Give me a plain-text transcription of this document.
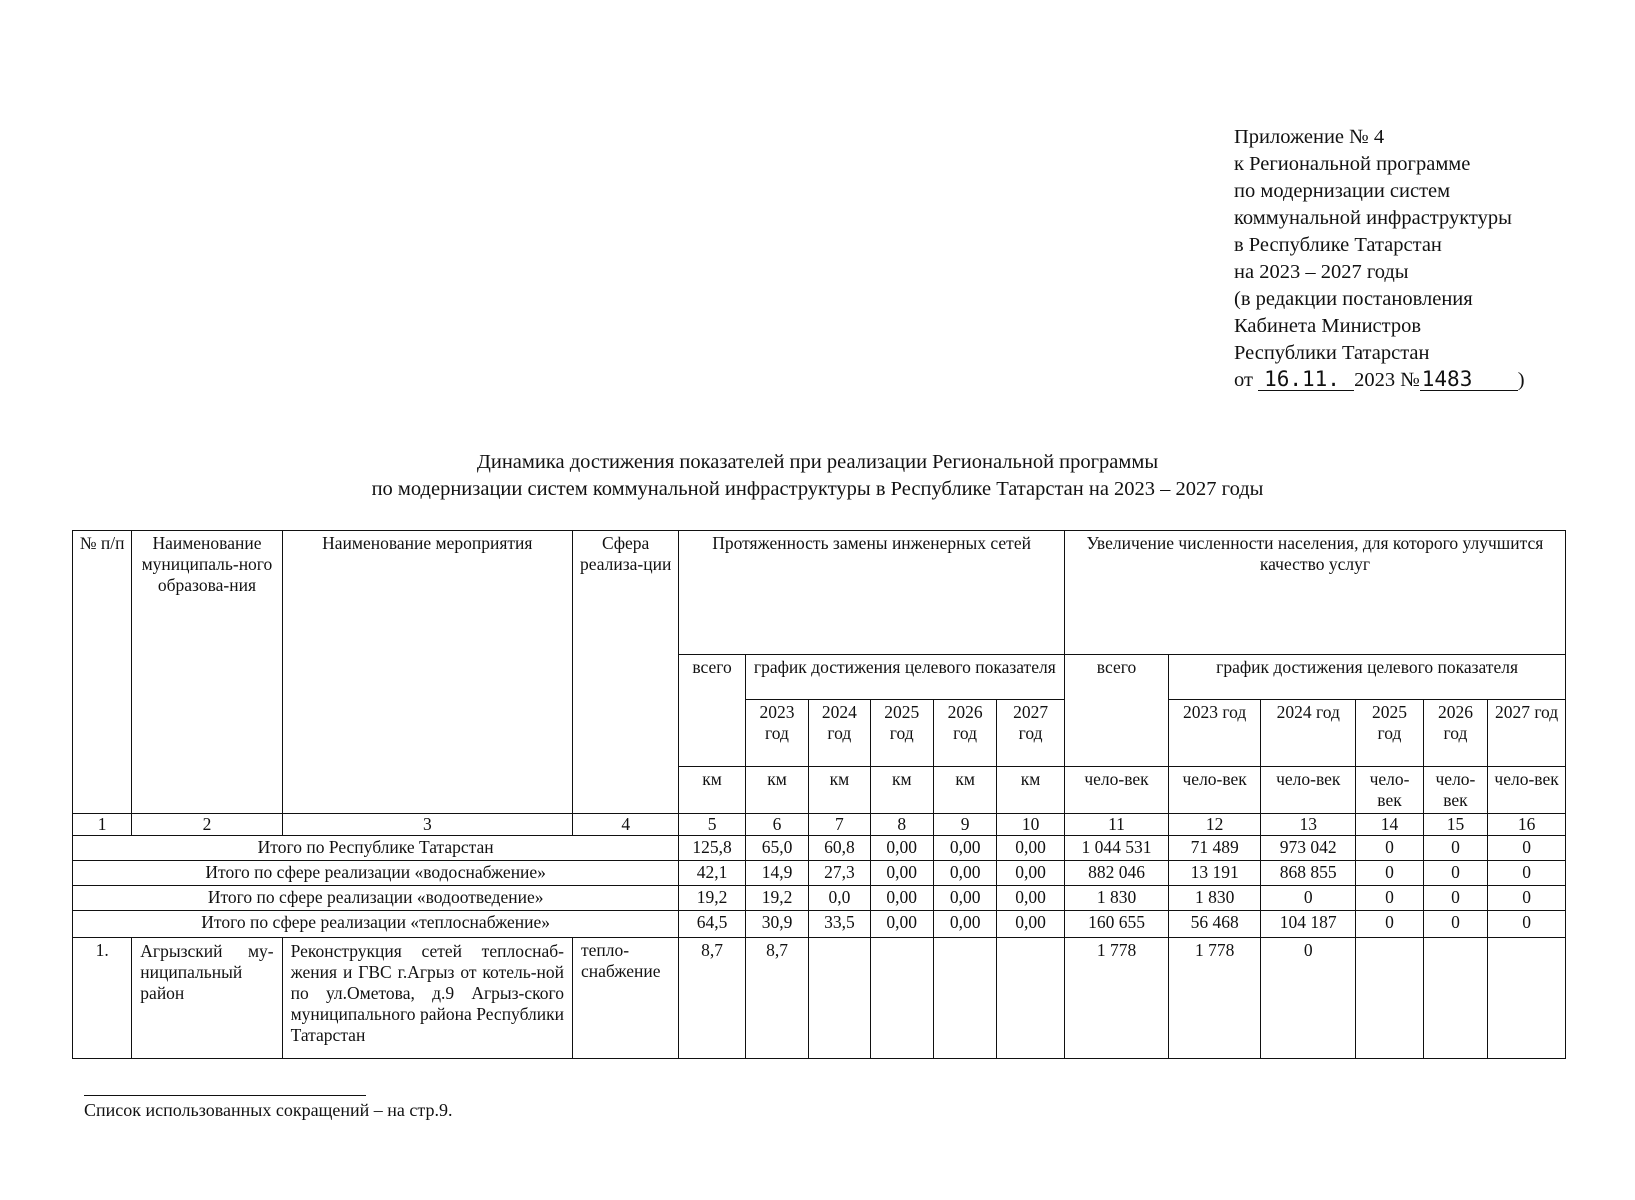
Приложение № 4
к Региональной программе
по модернизации систем
коммунальной инфраструктуры
в Республике Татарстан
на 2023 – 2027 годы
(в редакции постановления
Кабинета Министров
Республики Татарстан
от 16.11. 2023 №1483 )
Динамика достижения показателей при реализации Региональной программы
по модернизации систем коммунальной инфраструктуры в Республике Татарстан на 2023 – 2027 годы
№ п/п	Наименование муниципаль-ного образова-ния	Наименование мероприятия	Сфера реализа-ции	Протяженность замены инженерных сетей						Увеличение численности населения, для которого улучшится качество услуг					
				всего	график достижения целевого показателя					всего	график достижения целевого показателя				
					2023 год	2024 год	2025 год	2026 год	2027 год		2023 год	2024 год	2025 год	2026 год	2027 год
				км	км	км	км	км	км	чело-век	чело-век	чело-век	чело-век	чело-век	чело-век
1	2	3	4	5	6	7	8	9	10	11	12	13	14	15	16
Итого по Республике Татарстан				125,8	65,0	60,8	0,00	0,00	0,00	1 044 531	71 489	973 042	0	0	0
Итого по сфере реализации «водоснабжение»				42,1	14,9	27,3	0,00	0,00	0,00	882 046	13 191	868 855	0	0	0
Итого по сфере реализации «водоотведение»				19,2	19,2	0,0	0,00	0,00	0,00	1 830	1 830	0	0	0	0
Итого по сфере реализации «теплоснабжение»				64,5	30,9	33,5	0,00	0,00	0,00	160 655	56 468	104 187	0	0	0
1.	Агрызский му-ниципальный район	Реконструкция сетей теплоснаб-жения и ГВС г.Агрыз от котель-ной по ул.Ометова, д.9 Агрыз-ского муниципального района Республики Татарстан	тепло-снабжение	8,7	8,7					1 778	1 778	0			
Список использованных сокращений – на стр.9.
